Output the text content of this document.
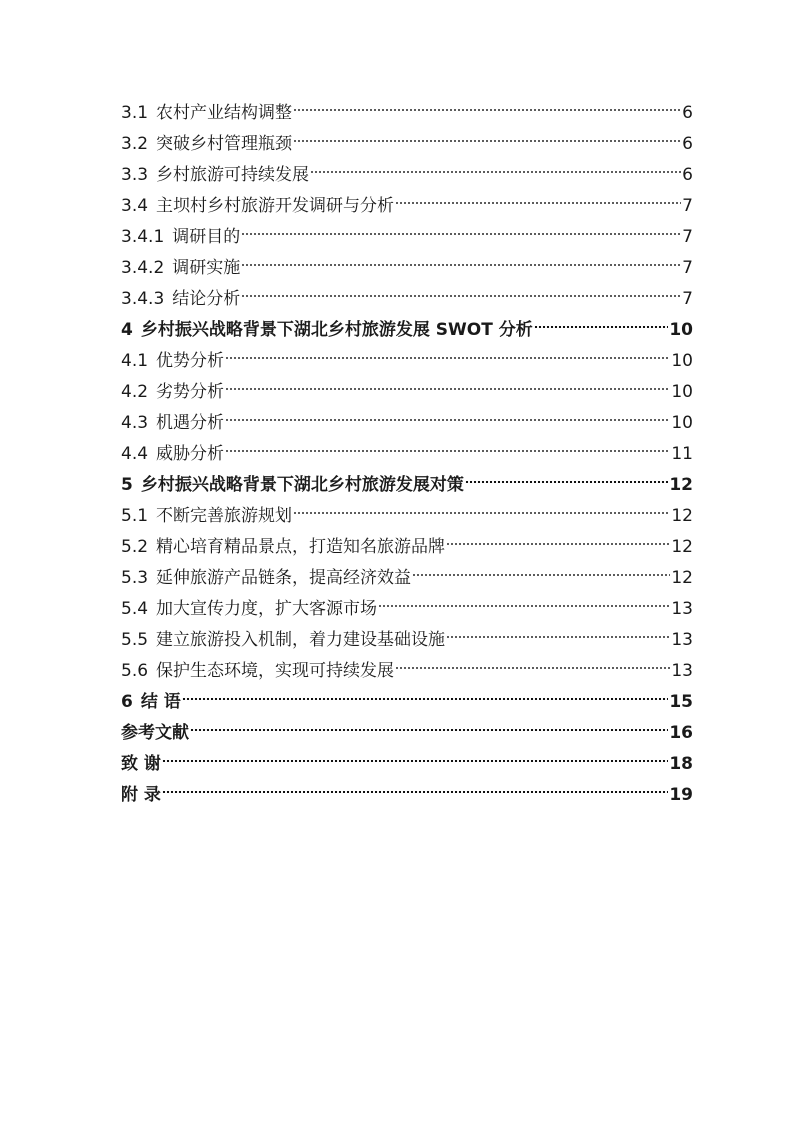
3.1 农村产业结构调整	6
3.2 突破乡村管理瓶颈	6
3.3 乡村旅游可持续发展	6
3.4 主坝村乡村旅游开发调研与分析	7
3.4.1 调研目的	7
3.4.2 调研实施	7
3.4.3 结论分析	7
4 乡村振兴战略背景下湖北乡村旅游发展 SWOT 分析	10
4.1 优势分析	10
4.2 劣势分析	10
4.3 机遇分析	10
4.4 威胁分析	11
5 乡村振兴战略背景下湖北乡村旅游发展对策	12
5.1 不断完善旅游规划	12
5.2 精心培育精品景点，打造知名旅游品牌	12
5.3 延伸旅游产品链条，提高经济效益	12
5.4 加大宣传力度，扩大客源市场	13
5.5 建立旅游投入机制，着力建设基础设施	13
5.6 保护生态环境，实现可持续发展	13
6 结 语	15
参考文献	16
致 谢	18
附 录	19
